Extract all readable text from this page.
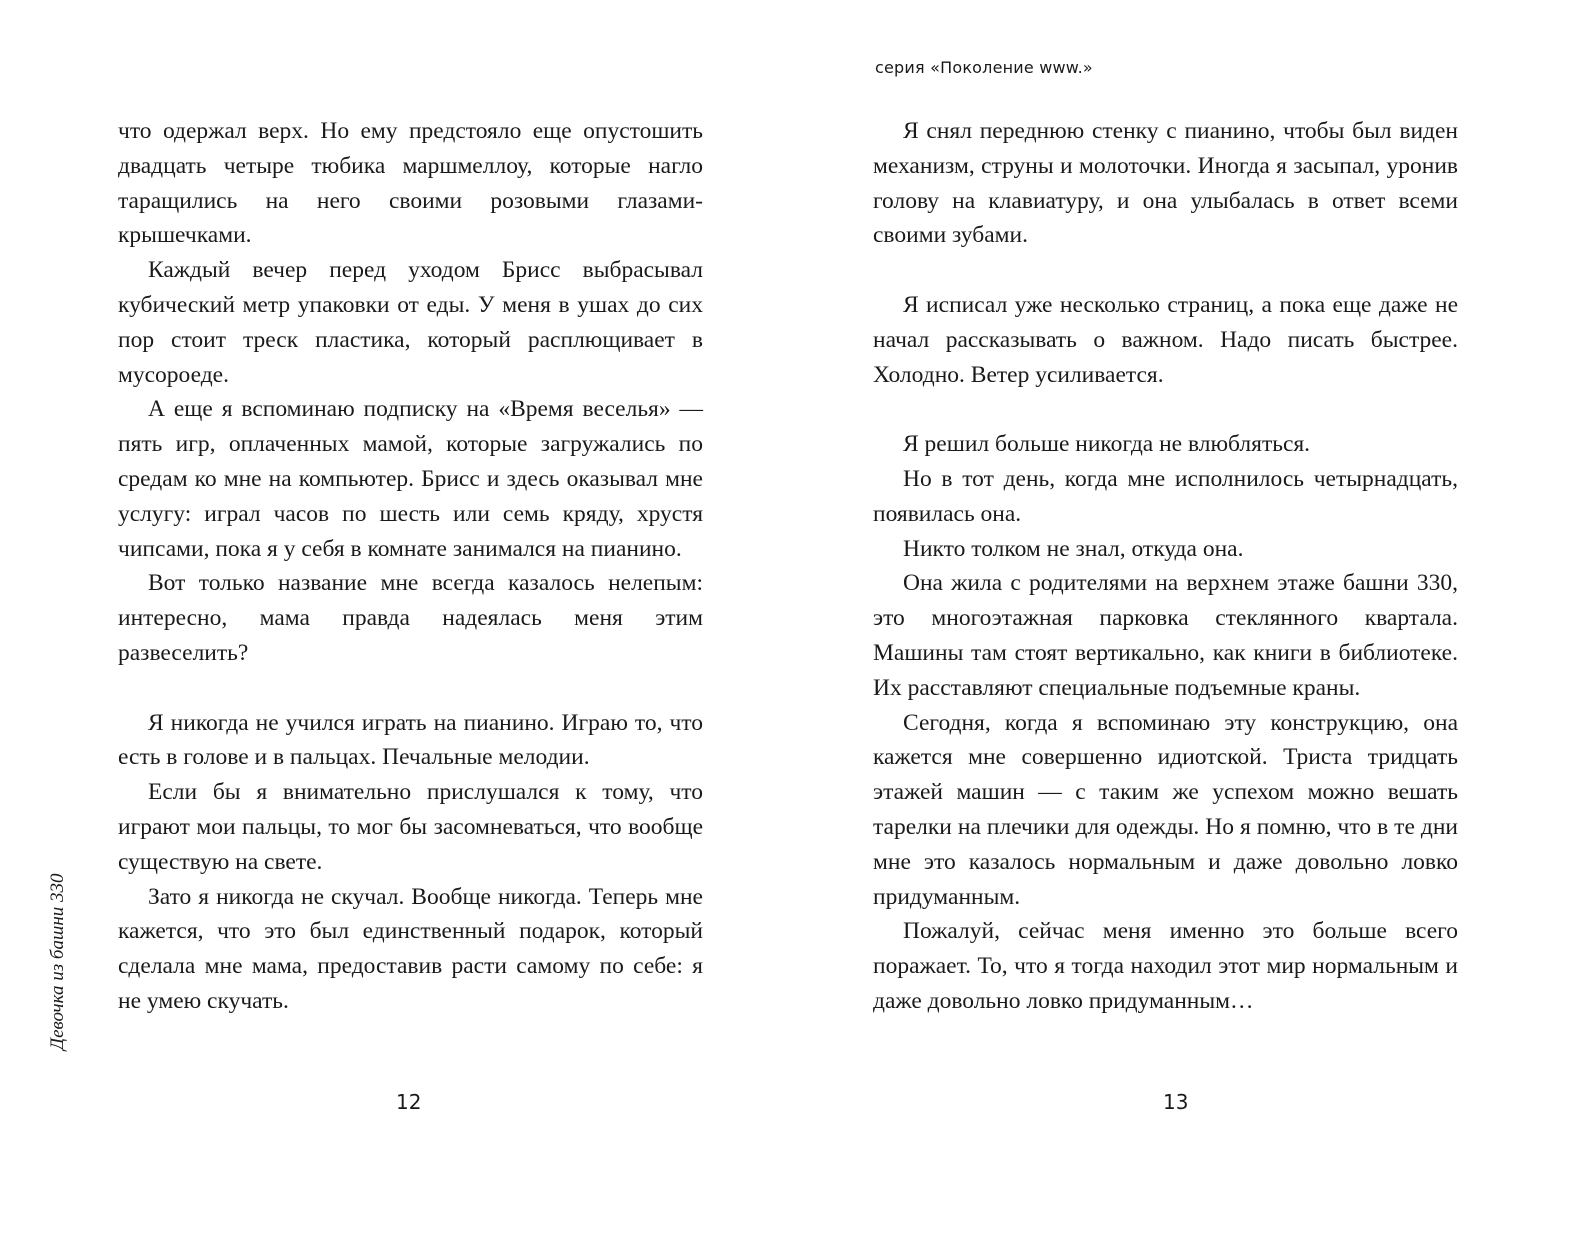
Девочка из башни 330

что одержал верх. Но ему предстояло еще опустошить двадцать четыре тюбика маршмеллоу, которые нагло таращились на него своими розовыми глазами-крышечками.

Каждый вечер перед уходом Брисс выбрасывал кубический метр упаковки от еды. У меня в ушах до сих пор стоит треск пластика, который расплющивает в мусороеде.

А еще я вспоминаю подписку на «Время веселья» — пять игр, оплаченных мамой, которые загружались по средам ко мне на компьютер. Брисс и здесь оказывал мне услугу: играл часов по шесть или семь кряду, хрустя чипсами, пока я у себя в комнате занимался на пианино.

Вот только название мне всегда казалось нелепым: интересно, мама правда надеялась меня этим развеселить?

Я никогда не учился играть на пианино. Играю то, что есть в голове и в пальцах. Печальные мелодии.

Если бы я внимательно прислушался к тому, что играют мои пальцы, то мог бы засомневаться, что вообще существую на свете.

Зато я никогда не скучал. Вообще никогда. Теперь мне кажется, что это был единственный подарок, который сделала мне мама, предоставив расти самому по себе: я не умею скучать.

12
серия «Поколение www.»

Я снял переднюю стенку с пианино, чтобы был виден механизм, струны и молоточки. Иногда я засыпал, уронив голову на клавиатуру, и она улыбалась в ответ всеми своими зубами.

Я исписал уже несколько страниц, а пока еще даже не начал рассказывать о важном. Надо писать быстрее. Холодно. Ветер усиливается.

Я решил больше никогда не влюбляться.

Но в тот день, когда мне исполнилось четырнадцать, появилась она.

Никто толком не знал, откуда она.

Она жила с родителями на верхнем этаже башни 330, это многоэтажная парковка стеклянного квартала. Машины там стоят вертикально, как книги в библиотеке. Их расставляют специальные подъемные краны.

Сегодня, когда я вспоминаю эту конструкцию, она кажется мне совершенно идиотской. Триста тридцать этажей машин — с таким же успехом можно вешать тарелки на плечики для одежды. Но я помню, что в те дни мне это казалось нормальным и даже довольно ловко придуманным.

Пожалуй, сейчас меня именно это больше всего поражает. То, что я тогда находил этот мир нормальным и даже довольно ловко придуманным…

13
